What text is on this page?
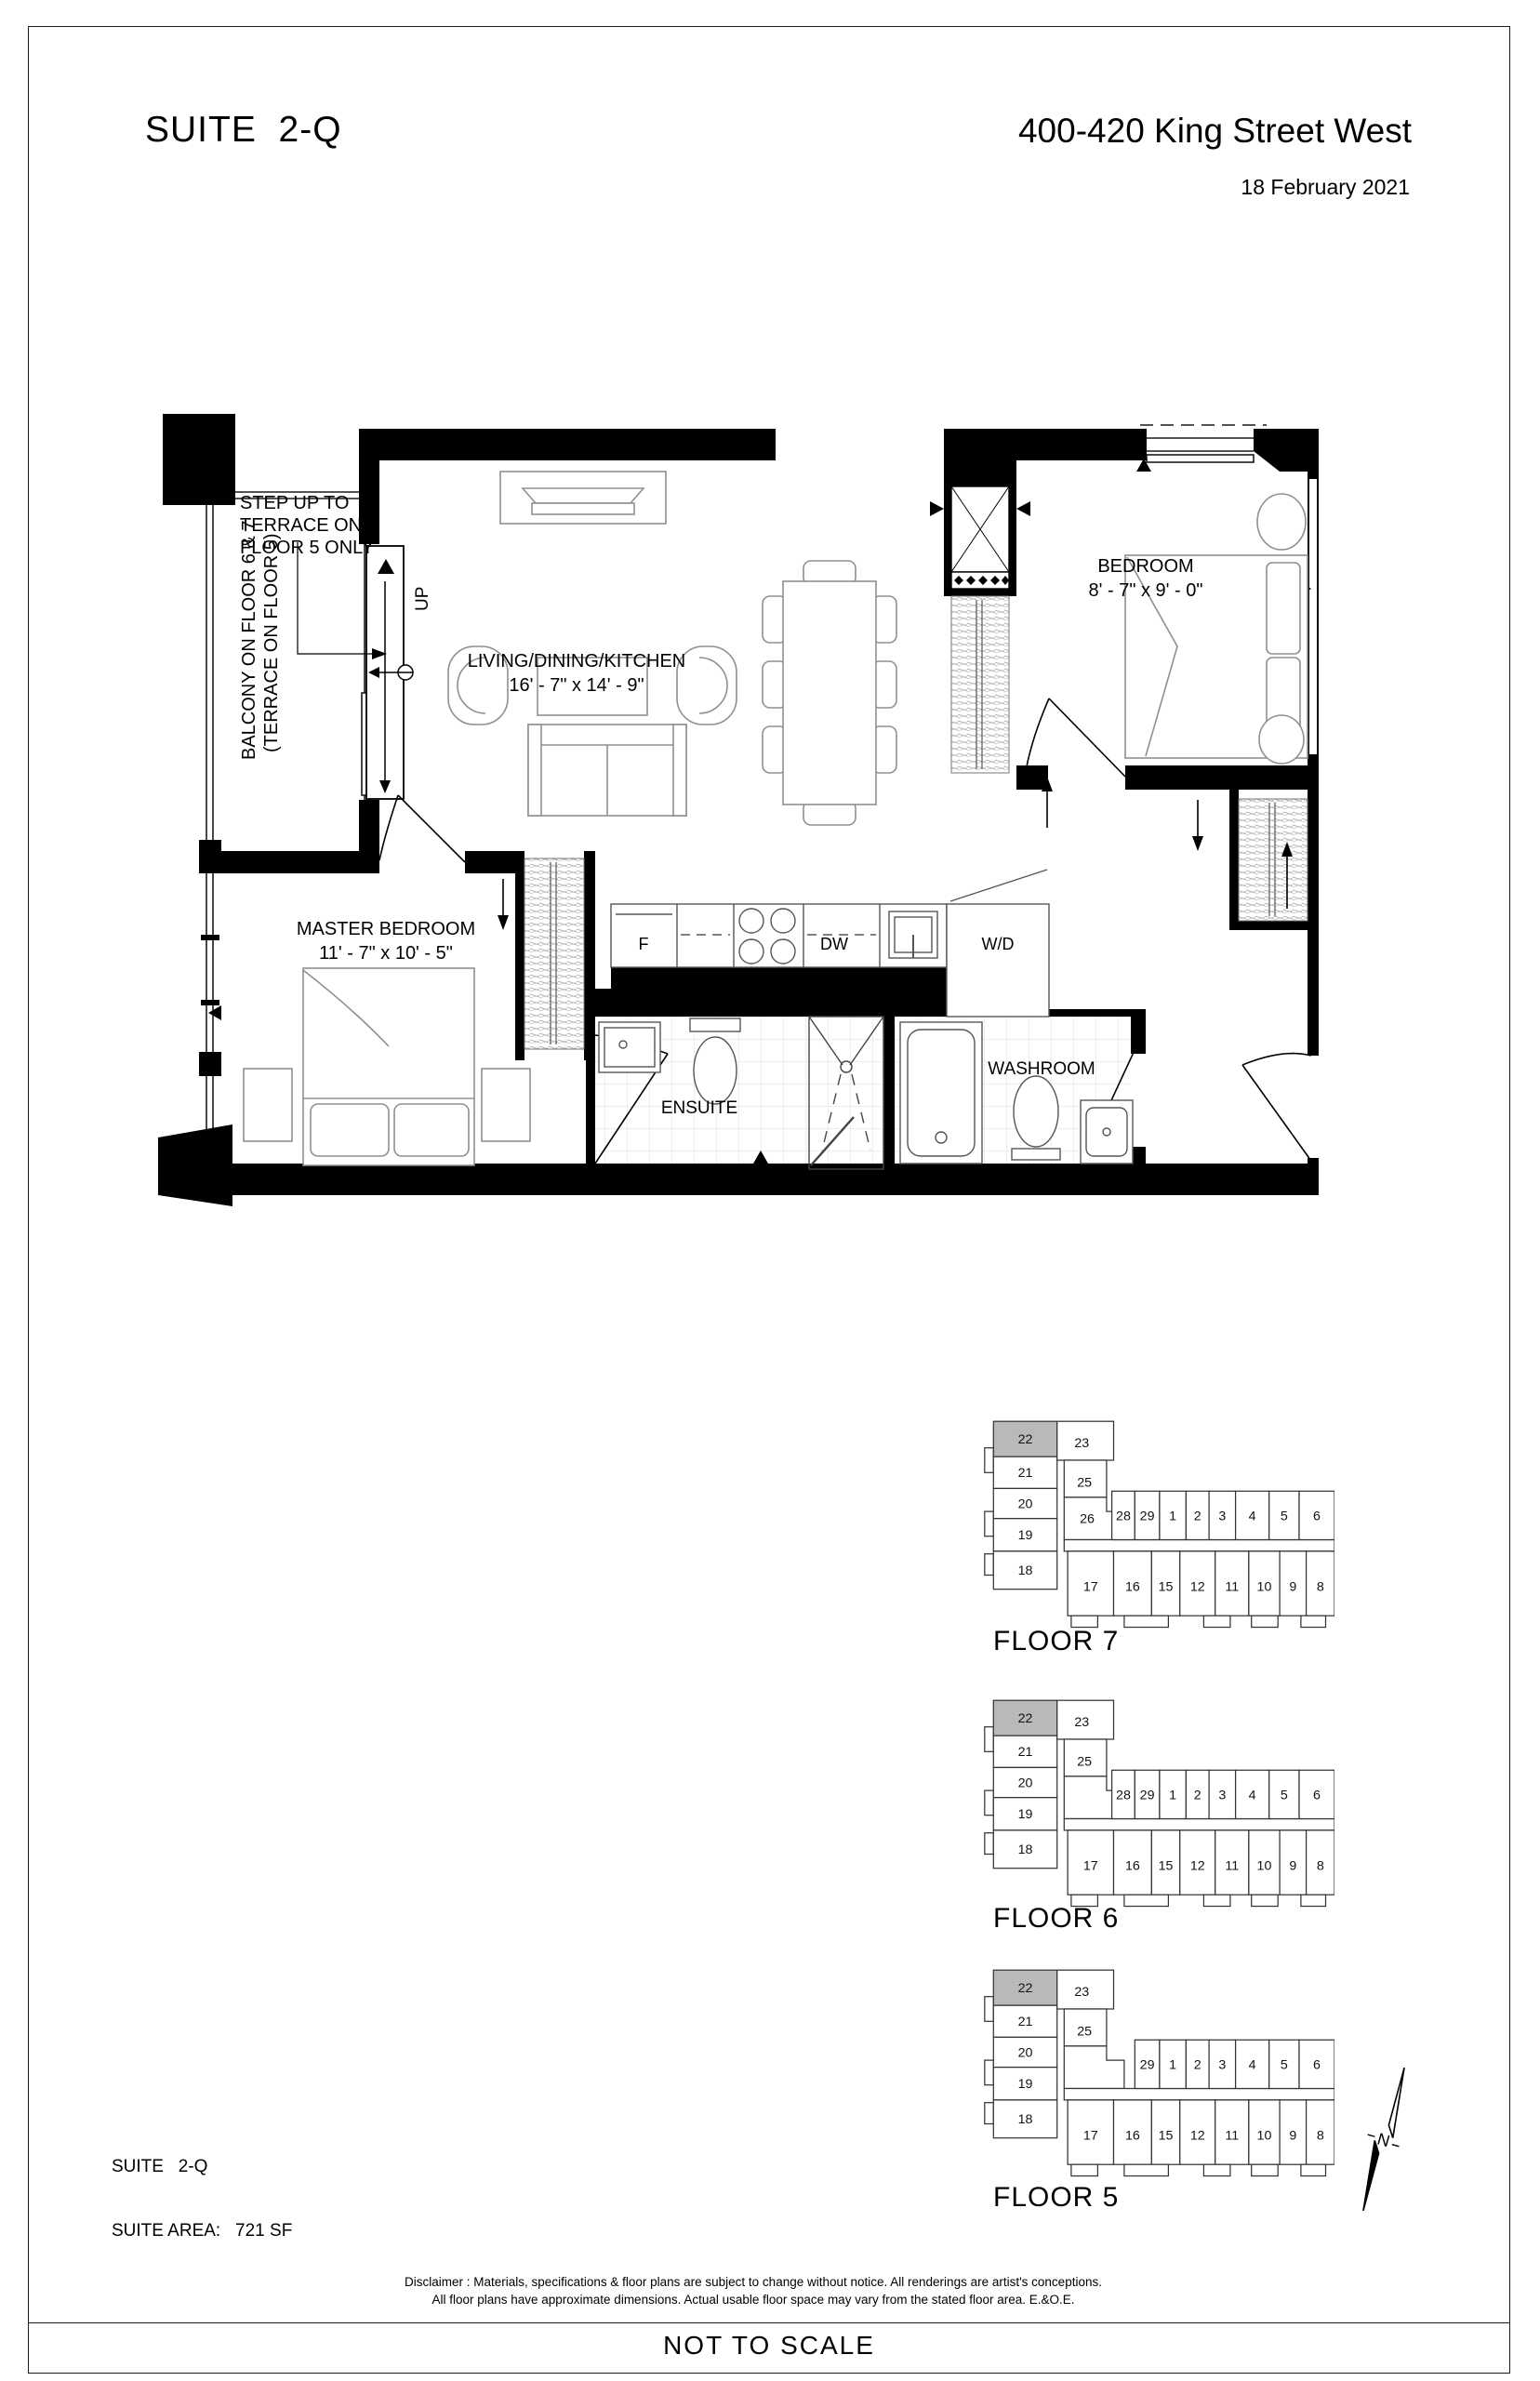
SUITE  2-Q	400-420 King Street West
18 February 2021
LIVING/DINING/KITCHEN
16' - 7" x 14' - 9"
BEDROOM
8' - 7" x 9' - 0"
MASTER BEDROOM
11' - 7" x 10' - 5"
ENSUITE
WASHROOM
F	DW	W/D
STEP UP TO
TERRACE ON
FLOOR 5 ONLY
BALCONY ON FLOOR 6 & 7 (TERRACE ON FLOOR 5)	UP
22
21
20
19
18
23
25
26 28 29 1 2 3 4 5 6
17 16 15 12 11 10 9 8
22
21
20
19
18
23
25
28 29 1 2 3 4 5 6
17 16 15 12 11 10 9 8
22
21
20
19
18
23
25
29 1 2 3 4 5 6
17 16 15 12 11 10 9 8
FLOOR 7
FLOOR 6
FLOOR 5
N

SUITE   2-Q

SUITE AREA:   721 SF

Disclaimer : Materials, specifications & floor plans are subject to change without notice. All renderings are artist's conceptions.
All floor plans have approximate dimensions. Actual usable floor space may vary from the stated floor area. E.&O.E.
NOT TO SCALE
